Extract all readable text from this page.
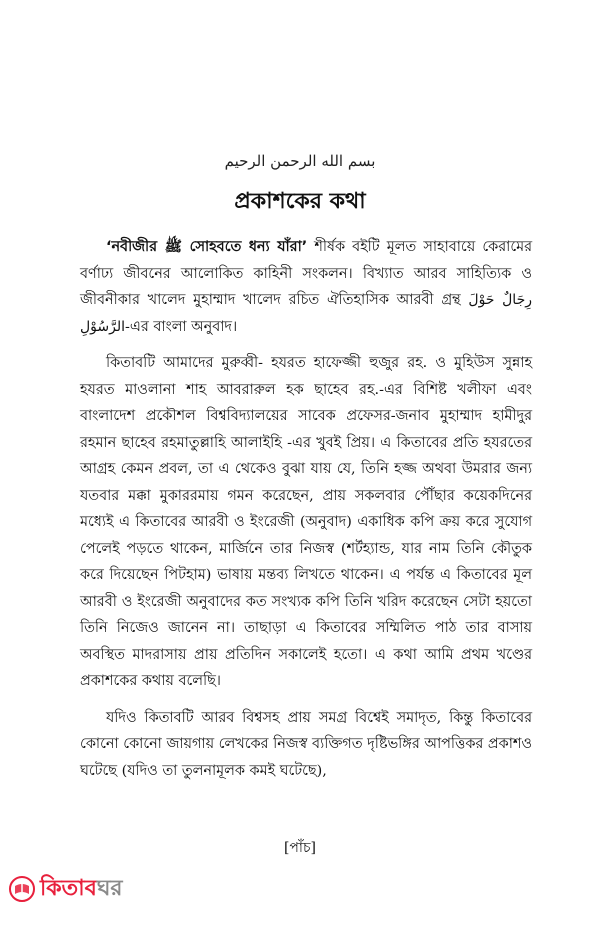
بسم الله الرحمن الرحيم
প্রকাশকের কথা

‘নবীজীর ﷺ সোহবতে ধন্য যাঁরা’ শীর্ষক বইটি মূলত সাহাবায়ে কেরামের বর্ণাঢ্য জীবনের আলোকিত কাহিনী সংকলন। বিখ্যাত আরব সাহিত্যিক ও জীবনীকার খালেদ মুহাম্মাদ খালেদ রচিত ঐতিহাসিক আরবী গ্রন্থ رِجَالٌ حَوْلَ الرَّسُوْلِ-এর বাংলা অনুবাদ।

কিতাবটি আমাদের মুরুব্বী- হযরত হাফেজ্জী হুজুর রহ. ও মুহিউস সুন্নাহ হযরত মাওলানা শাহ আবরারুল হক ছাহেব রহ.-এর বিশিষ্ট খলীফা এবং বাংলাদেশ প্রকৌশল বিশ্ববিদ্যালয়ের সাবেক প্রফেসর-জনাব মুহাম্মাদ হামীদুর রহমান ছাহেব রহমাতুল্লাহি আলাইহি -এর খুবই প্রিয়। এ কিতাবের প্রতি হযরতের আগ্রহ কেমন প্রবল, তা এ থেকেও বুঝা যায় যে, তিনি হজ্জ অথবা উমরার জন্য যতবার মক্কা মুকাররমায় গমন করেছেন, প্রায় সকলবার পৌঁছার কয়েকদিনের মধ্যেই এ কিতাবের আরবী ও ইংরেজী (অনুবাদ) একাধিক কপি ক্রয় করে সুযোগ পেলেই পড়তে থাকেন, মার্জিনে তার নিজস্ব (শর্টহ্যান্ড, যার নাম তিনি কৌতুক করে দিয়েছেন পিটহাম) ভাষায় মন্তব্য লিখতে থাকেন। এ পর্যন্ত এ কিতাবের মূল আরবী ও ইংরেজী অনুবাদের কত সংখ্যক কপি তিনি খরিদ করেছেন সেটা হয়তো তিনি নিজেও জানেন না। তাছাড়া এ কিতাবের সম্মিলিত পাঠ তার বাসায় অবস্থিত মাদরাসায় প্রায় প্রতিদিন সকালেই হতো। এ কথা আমি প্রথম খণ্ডের প্রকাশকের কথায় বলেছি।

যদিও কিতাবটি আরব বিশ্বসহ প্রায় সমগ্র বিশ্বেই সমাদৃত, কিন্তু কিতাবের কোনো কোনো জায়গায় লেখকের নিজস্ব ব্যক্তিগত দৃষ্টিভঙ্গির আপত্তিকর প্রকাশও ঘটেছে (যদিও তা তুলনামূলক কমই ঘটেছে),

[পাঁচ]
কিতাবঘর
